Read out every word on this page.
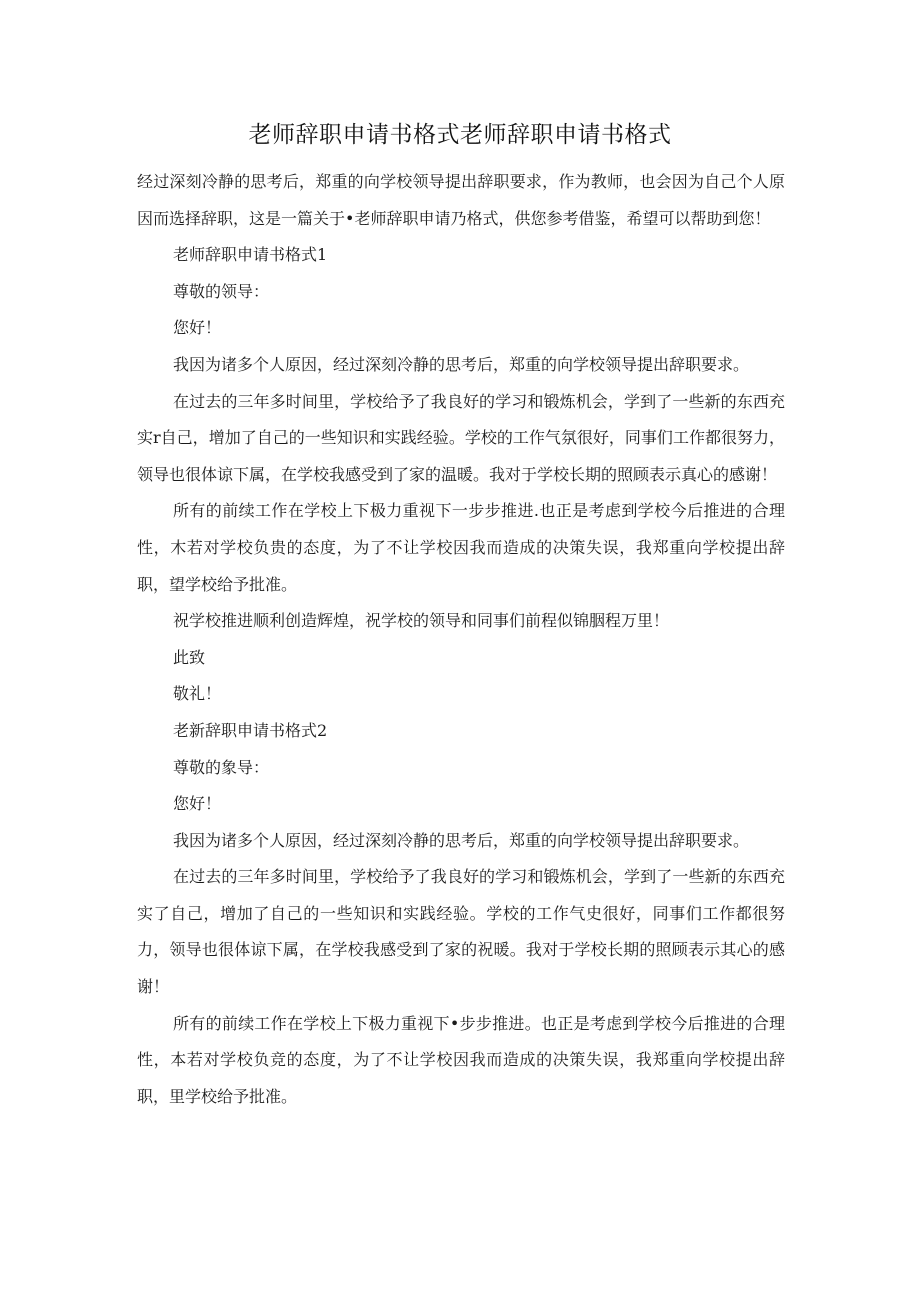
老师辞职申请书格式老师辞职申请书格式

经过深刻冷静的思考后，郑重的向学校领导提出辞职要求，作为教师，也会因为自己个人原因而选择辞职，这是一篇关于•老师辞职申请乃格式，供您参考借鉴，希望可以帮助到您！

老师辞职申请书格式1

尊敬的领导：

您好！

我因为诸多个人原因，经过深刻冷静的思考后，郑重的向学校领导提出辞职要求。

在过去的三年多时间里，学校给予了我良好的学习和锻炼机会，学到了一些新的东西充实r自己，增加了自己的一些知识和实践经验。学校的工作气氛很好，同事们工作都很努力，领导也很体谅下属，在学校我感受到了家的温暖。我对于学校长期的照顾表示真心的感谢！

所有的前续工作在学校上下极力重视下一步步推进.也正是考虑到学校今后推进的合理性，木若对学校负贵的态度，为了不让学校因我而造成的决策失误，我郑重向学校提出辞职，望学校给予批准。

祝学校推进顺利创造辉煌，祝学校的领导和同事们前程似锦胭程万里！

此致

敬礼！

老新辞职申请书格式2

尊敬的象导：

您好！

我因为诸多个人原因，经过深刻冷静的思考后，郑重的向学校领导提出辞职要求。

在过去的三年多时间里，学校给予了我良好的学习和锻炼机会，学到了一些新的东西充实了自己，增加了自己的一些知识和实践经验。学校的工作气史很好，同事们工作都很努力，领导也很体谅下属，在学校我感受到了家的祝暖。我对于学校长期的照顾表示其心的感谢！

所有的前续工作在学校上下极力重视下•步步推进。也正是考虑到学校今后推进的合理性，本若对学校负竞的态度，为了不让学校因我而造成的决策失误，我郑重向学校提出辞职，里学校给予批准。
